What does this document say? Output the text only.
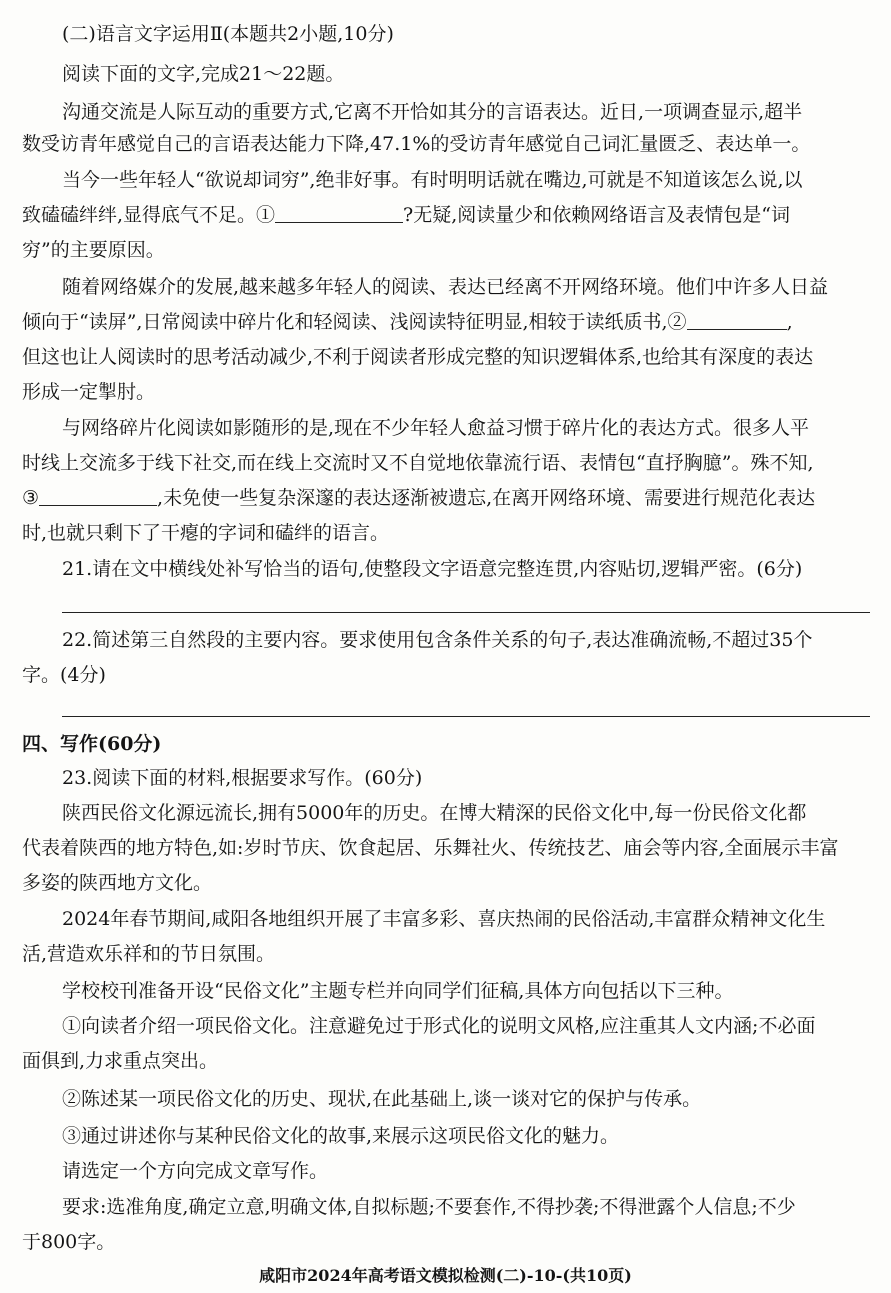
(二)语言文字运用Ⅱ(本题共2小题,10分)
阅读下面的文字,完成21～22题。
沟通交流是人际互动的重要方式,它离不开恰如其分的言语表达。近日,一项调查显示,超半
数受访青年感觉自己的言语表达能力下降,47.1%的受访青年感觉自己词汇量匮乏、表达单一。
当今一些年轻人“欲说却词穷”,绝非好事。有时明明话就在嘴边,可就是不知道该怎么说,以
致磕磕绊绊,显得底气不足。①	?无疑,阅读量少和依赖网络语言及表情包是“词
穷”的主要原因。
随着网络媒介的发展,越来越多年轻人的阅读、表达已经离不开网络环境。他们中许多人日益
倾向于“读屏”,日常阅读中碎片化和轻阅读、浅阅读特征明显,相较于读纸质书,②	,
但这也让人阅读时的思考活动减少,不利于阅读者形成完整的知识逻辑体系,也给其有深度的表达
形成一定掣肘。
与网络碎片化阅读如影随形的是,现在不少年轻人愈益习惯于碎片化的表达方式。很多人平
时线上交流多于线下社交,而在线上交流时又不自觉地依靠流行语、表情包“直抒胸臆”。殊不知,
③	,未免使一些复杂深邃的表达逐渐被遗忘,在离开网络环境、需要进行规范化表达
时,也就只剩下了干瘪的字词和磕绊的语言。
21.请在文中横线处补写恰当的语句,使整段文字语意完整连贯,内容贴切,逻辑严密。(6分)
22.简述第三自然段的主要内容。要求使用包含条件关系的句子,表达准确流畅,不超过35个
字。(4分)
四、写作(60分)
23.阅读下面的材料,根据要求写作。(60分)
陕西民俗文化源远流长,拥有5000年的历史。在博大精深的民俗文化中,每一份民俗文化都
代表着陕西的地方特色,如:岁时节庆、饮食起居、乐舞社火、传统技艺、庙会等内容,全面展示丰富
多姿的陕西地方文化。
2024年春节期间,咸阳各地组织开展了丰富多彩、喜庆热闹的民俗活动,丰富群众精神文化生
活,营造欢乐祥和的节日氛围。
学校校刊准备开设“民俗文化”主题专栏并向同学们征稿,具体方向包括以下三种。
①向读者介绍一项民俗文化。注意避免过于形式化的说明文风格,应注重其人文内涵;不必面
面俱到,力求重点突出。
②陈述某一项民俗文化的历史、现状,在此基础上,谈一谈对它的保护与传承。
③通过讲述你与某种民俗文化的故事,来展示这项民俗文化的魅力。
请选定一个方向完成文章写作。
要求:选准角度,确定立意,明确文体,自拟标题;不要套作,不得抄袭;不得泄露个人信息;不少
于800字。
咸阳市2024年高考语文模拟检测(二)-10-(共10页)
